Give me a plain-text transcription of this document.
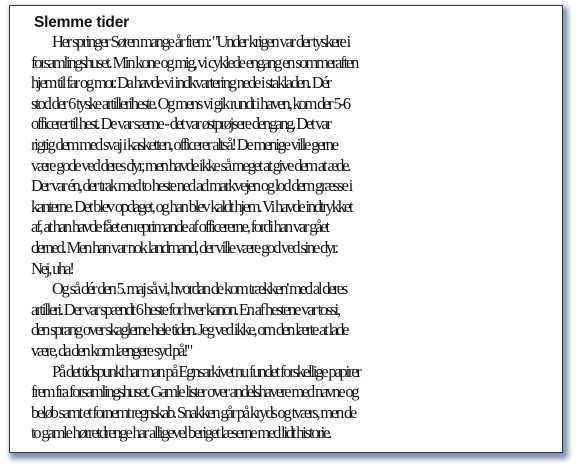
Slemme tider
Her springer Søren mange år frem: "Under krigen var der tyskere i
forsamlingshuset. Min kone og mig, vi cyklede engang en sommeraften
hjem til far og mor. Da havde vi indkvartering nede i stakladen. Dér
stod der 6 tyske artilleriheste. Og mens vi gik rundt i haven, kom der 5-6
officerer til hest. De var sæme - det var østprøjsere dengang. Det var
rigtig dem med svaj i kasketten, officerer altså! De menige ville gerne
være gode ved deres dyr, men havde ikke så meget at give dem at æde.
Der var én, der trak med to heste ned ad markvejen og lod dem græsse i
kanterne. Det blev opdaget, og han blev kaldt hjem. Vi havde indtrykket
af, at han havde fået en reprimande af officererne, fordi han var gået
derned. Men han var nok landmand, der ville være god ved sine dyr.
Nej, uha!
Og så dér den 5. maj så vi, hvordan de kom trækken' med al deres
artilleri. Der var spændt 6 heste for hver kanon. En af hestene var tossi,
den sprang over skaglerne hele tiden. Jeg ved ikke, om den lærte at lade
være, da den kom længere syd på!"
På det tidspunkt har man på Egnsarkivet nu fundet forskellige papirer
frem fra forsamlingshuset. Gamle lister over andelshavere med navne og
beløb samt et fornemt regnskab. Snakken går på kryds og tværs, men de
to gamle hørretdrenge har alligevel beriget læserne med lidt historie.
